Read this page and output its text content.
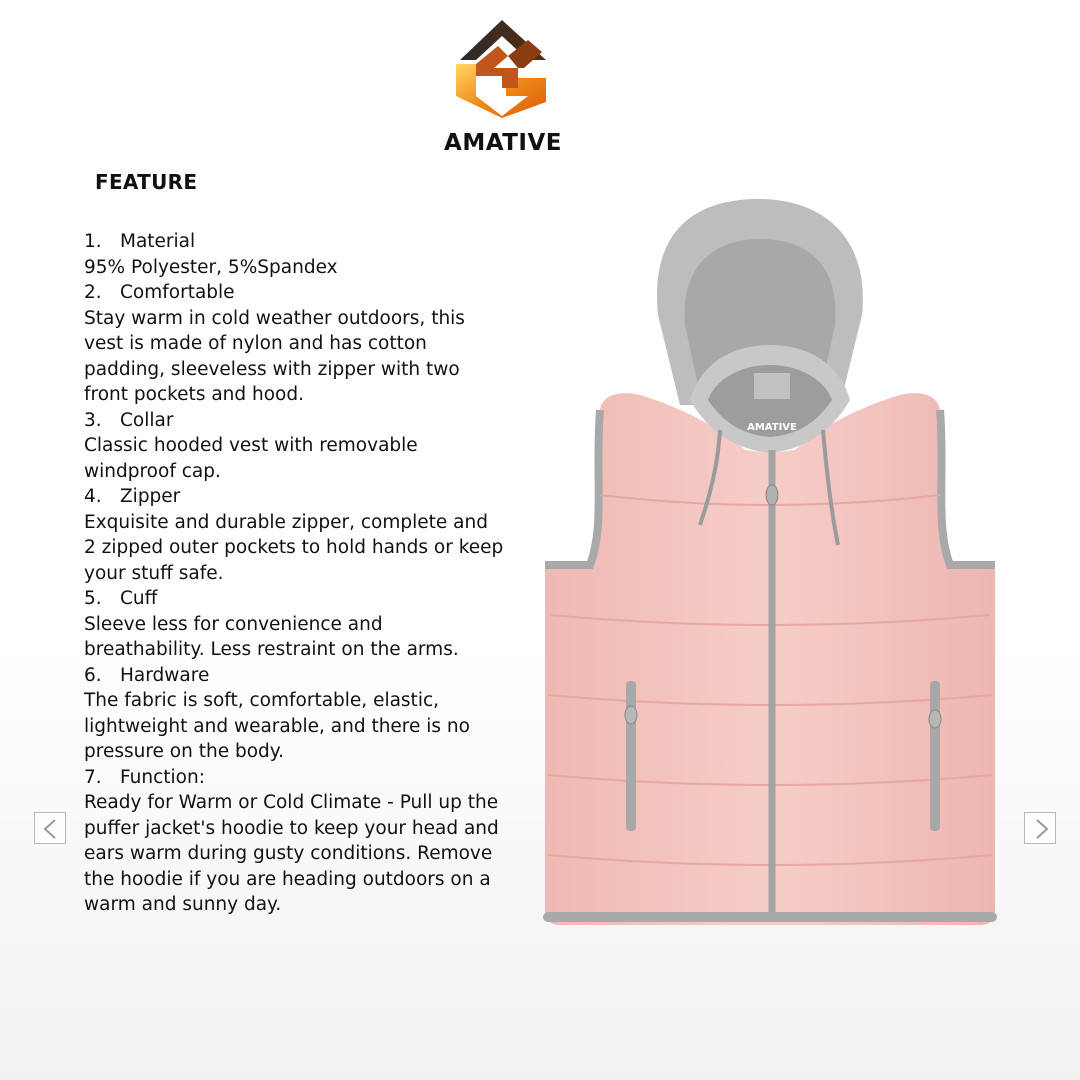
AMATIVE
FEATURE
1. Material

95% Polyester, 5%Spandex

2. Comfortable

Stay warm in cold weather outdoors, this vest is made of nylon and has cotton padding, sleeveless with zipper with two front pockets and hood.

3. Collar

Classic hooded vest with removable windproof cap.

4. Zipper

Exquisite and durable zipper, complete and 2 zipped outer pockets to hold hands or keep your stuff safe.

5. Cuff

Sleeve less for convenience and breathability. Less restraint on the arms.

6. Hardware

The fabric is soft, comfortable, elastic, lightweight and wearable, and there is no pressure on the body.

7. Function:

Ready for Warm or Cold Climate - Pull up the puffer jacket's hoodie to keep your head and ears warm during gusty conditions. Remove the hoodie if you are heading outdoors on a warm and sunny day.

AMATIVE
